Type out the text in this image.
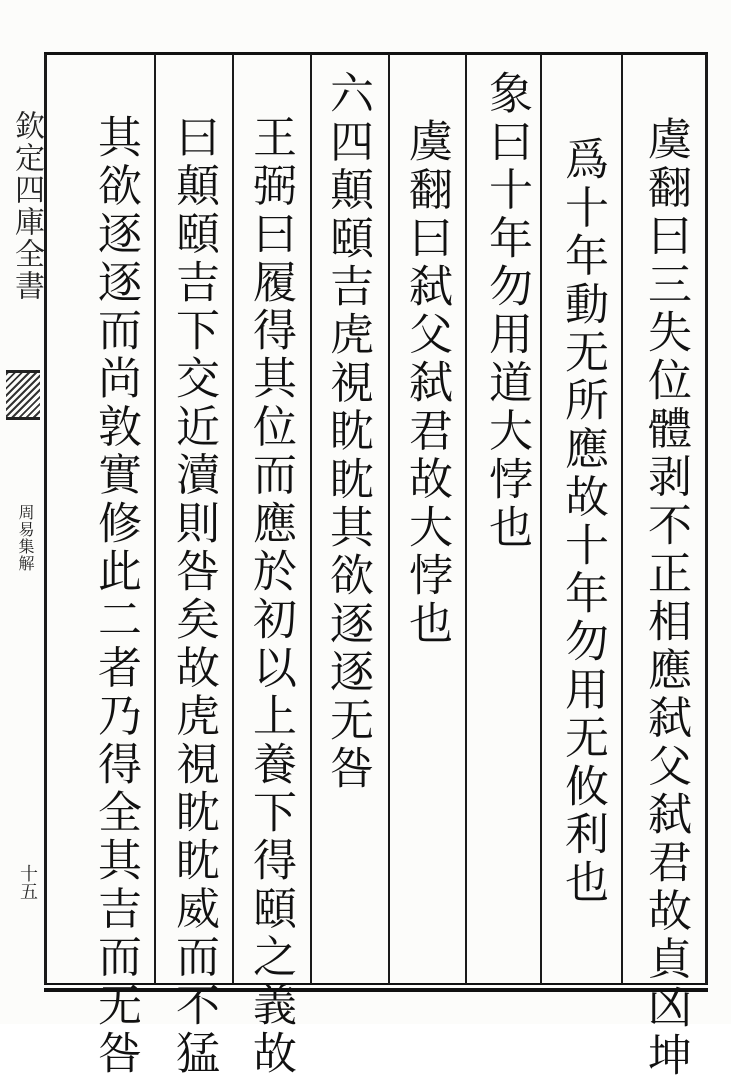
欽定四庫全書
周易集解
十五	虞翻曰三失位體剥不正相應弑父弑君故貞凶坤
爲十年動无所應故十年勿用无攸利也
象曰十年勿用道大悖也
虞翻曰弑父弑君故大悖也
六四顛頤吉虎視眈眈其欲逐逐无咎
王弼曰履得其位而應於初以上養下得頤之義故
曰顛頤吉下交近瀆則咎矣故虎視眈眈威而不猛
其欲逐逐而尚敦實修此二者乃得全其吉而无咎
